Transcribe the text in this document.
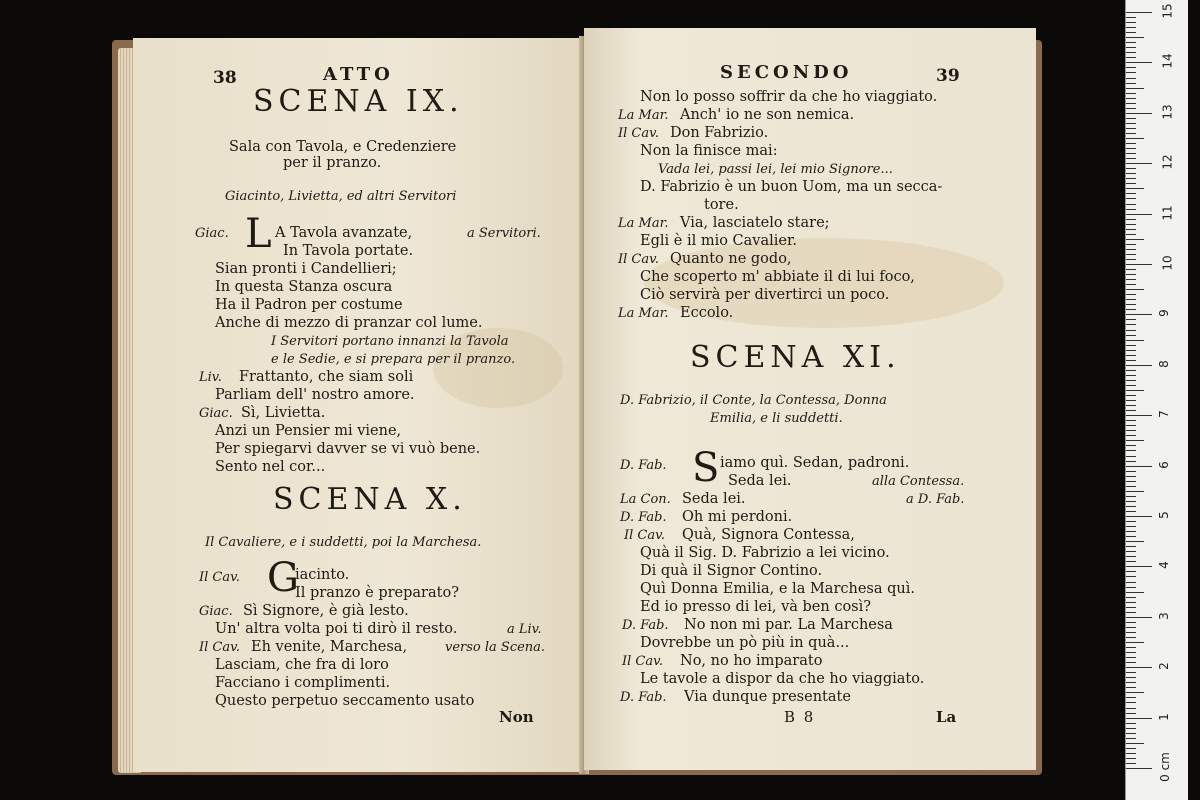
38	ATTO
SCENA IX.
Sala con Tavola, e Credenziere
per il pranzo.
Giacinto, Livietta, ed altri Servitori
Giac. L A Tavola avanzate,	a Servitori.
In Tavola portate.
Sian pronti i Candellieri;
In questa Stanza oscura
Ha il Padron per costume
Anche di mezzo di pranzar col lume.
I Servitori portano innanzi la Tavola
e le Sedie, e si prepara per il pranzo.
Liv. Frattanto, che siam soli
Parliam dell' nostro amore.
Giac. Sì, Livietta.
Anzi un Pensier mi viene,
Per spiegarvi davver se vi vuò bene.
Sento nel cor...
SCENA X.
Il Cavaliere, e i suddetti, poi la Marchesa.
Il Cav. G
iacinto.
Il pranzo è preparato?
Giac. Sì Signore, è già lesto.
Un' altra volta poi ti dirò il resto.	a Liv.
Il Cav. Eh venite, Marchesa,	verso la Scena.
Lasciam, che fra di loro
Facciano i complimenti.
Questo perpetuo seccamento usato
Non
SECONDO	39
Non lo posso soffrir da che ho viaggiato.
La Mar. Anch' io ne son nemica.
Il Cav. Don Fabrizio.
Non la finisce mai:
Vada lei, passi lei, lei mio Signore...
D. Fabrizio è un buon Uom, ma un secca-
tore.
La Mar. Via, lasciatelo stare;
Egli è il mio Cavalier.
Il Cav. Quanto ne godo,
Che scoperto m' abbiate il di lui foco,
Ciò servirà per divertirci un poco.
La Mar. Eccolo.
SCENA XI.
D. Fabrizio, il Conte, la Contessa, Donna
Emilia, e li suddetti.
D. Fab. S iamo quì. Sedan, padroni.
Seda lei.	alla Contessa.
La Con. Seda lei.	a D. Fab.
D. Fab. Oh mi perdoni.
Il Cav. Quà, Signora Contessa,
Quà il Sig. D. Fabrizio a lei vicino.
Di quà il Signor Contino.
Quì Donna Emilia, e la Marchesa quì.
Ed io presso di lei, và ben così?
D. Fab. No non mi par. La Marchesa
Dovrebbe un pò più in quà...
Il Cav. No, no ho imparato
Le tavole a dispor da che ho viaggiato.
D. Fab. Via dunque presentate
B 8	La
0 cm
1
2
3
4
5
6
7
8
9
10
11
12
13
14
15
